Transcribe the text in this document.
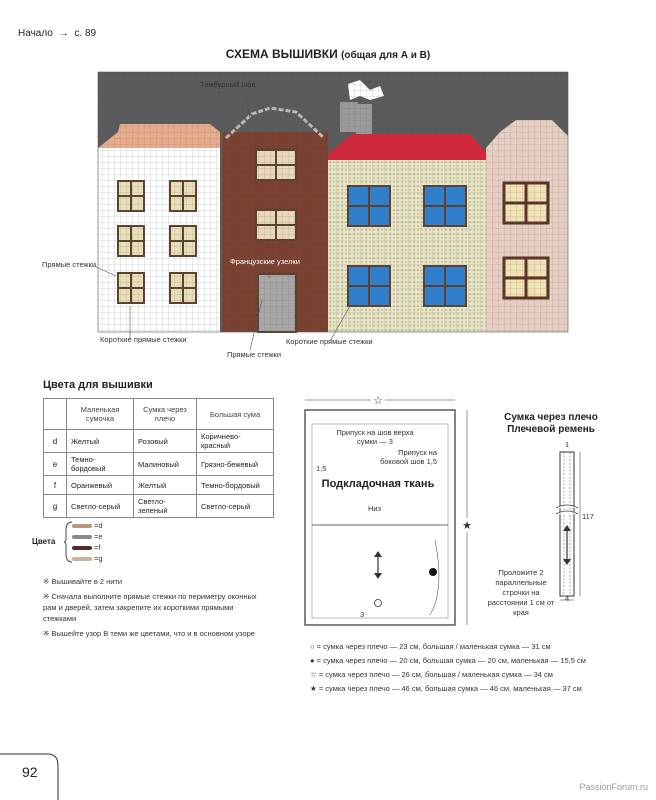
Начало → с. 89
СХЕМА ВЫШИВКИ (общая для А и В)
Тамбурный шов
Французские узелки
Прямые стежки
Короткие прямые стежки
Прямые стежки
Короткие прямые стежки
Цвета для вышивки
	Маленькая сумочка	Сумка через плечо	Большая сума
d	Желтый	Розовый	Коричнево-красный
e	Темно-бордовый	Малиновый	Грязно-бежевый
f	Оранжевый	Желтый	Темно-бордовый
g	Светло-серый	Светло-зеленый	Светло-серый
Цвета
=d
=e
=f
=g

※ Вышивайте в 2 нити

※ Сначала выполните прямые стежки по периметру оконных рам и дверей, затем закрепите их короткими прямыми стежками

※ Вышейте узор В теми же цветами, что и в основном узоре

☆
★
Припуск на шов верха сумки — 3
Припуск на боковой шов 1,5
1,5
Подкладочная ткань
Низ
3
Сумка через плечо Плечевой ремень
1
117
4
Проложите 2 параллельные строчки на расстоянии 1 см от края
○ = сумка через плечо — 23 см, большая / маленькая сумка — 31 см
● = сумка через плечо — 20 см, большая сумка — 20 см, маленькая — 15,5 см
☆ = сумка через плечо — 26 см, большая / маленькая сумка — 34 см
★ = сумка через плечо — 46 см, большая сумка — 46 см, маленькая — 37 см
92
PassionForum.ru
